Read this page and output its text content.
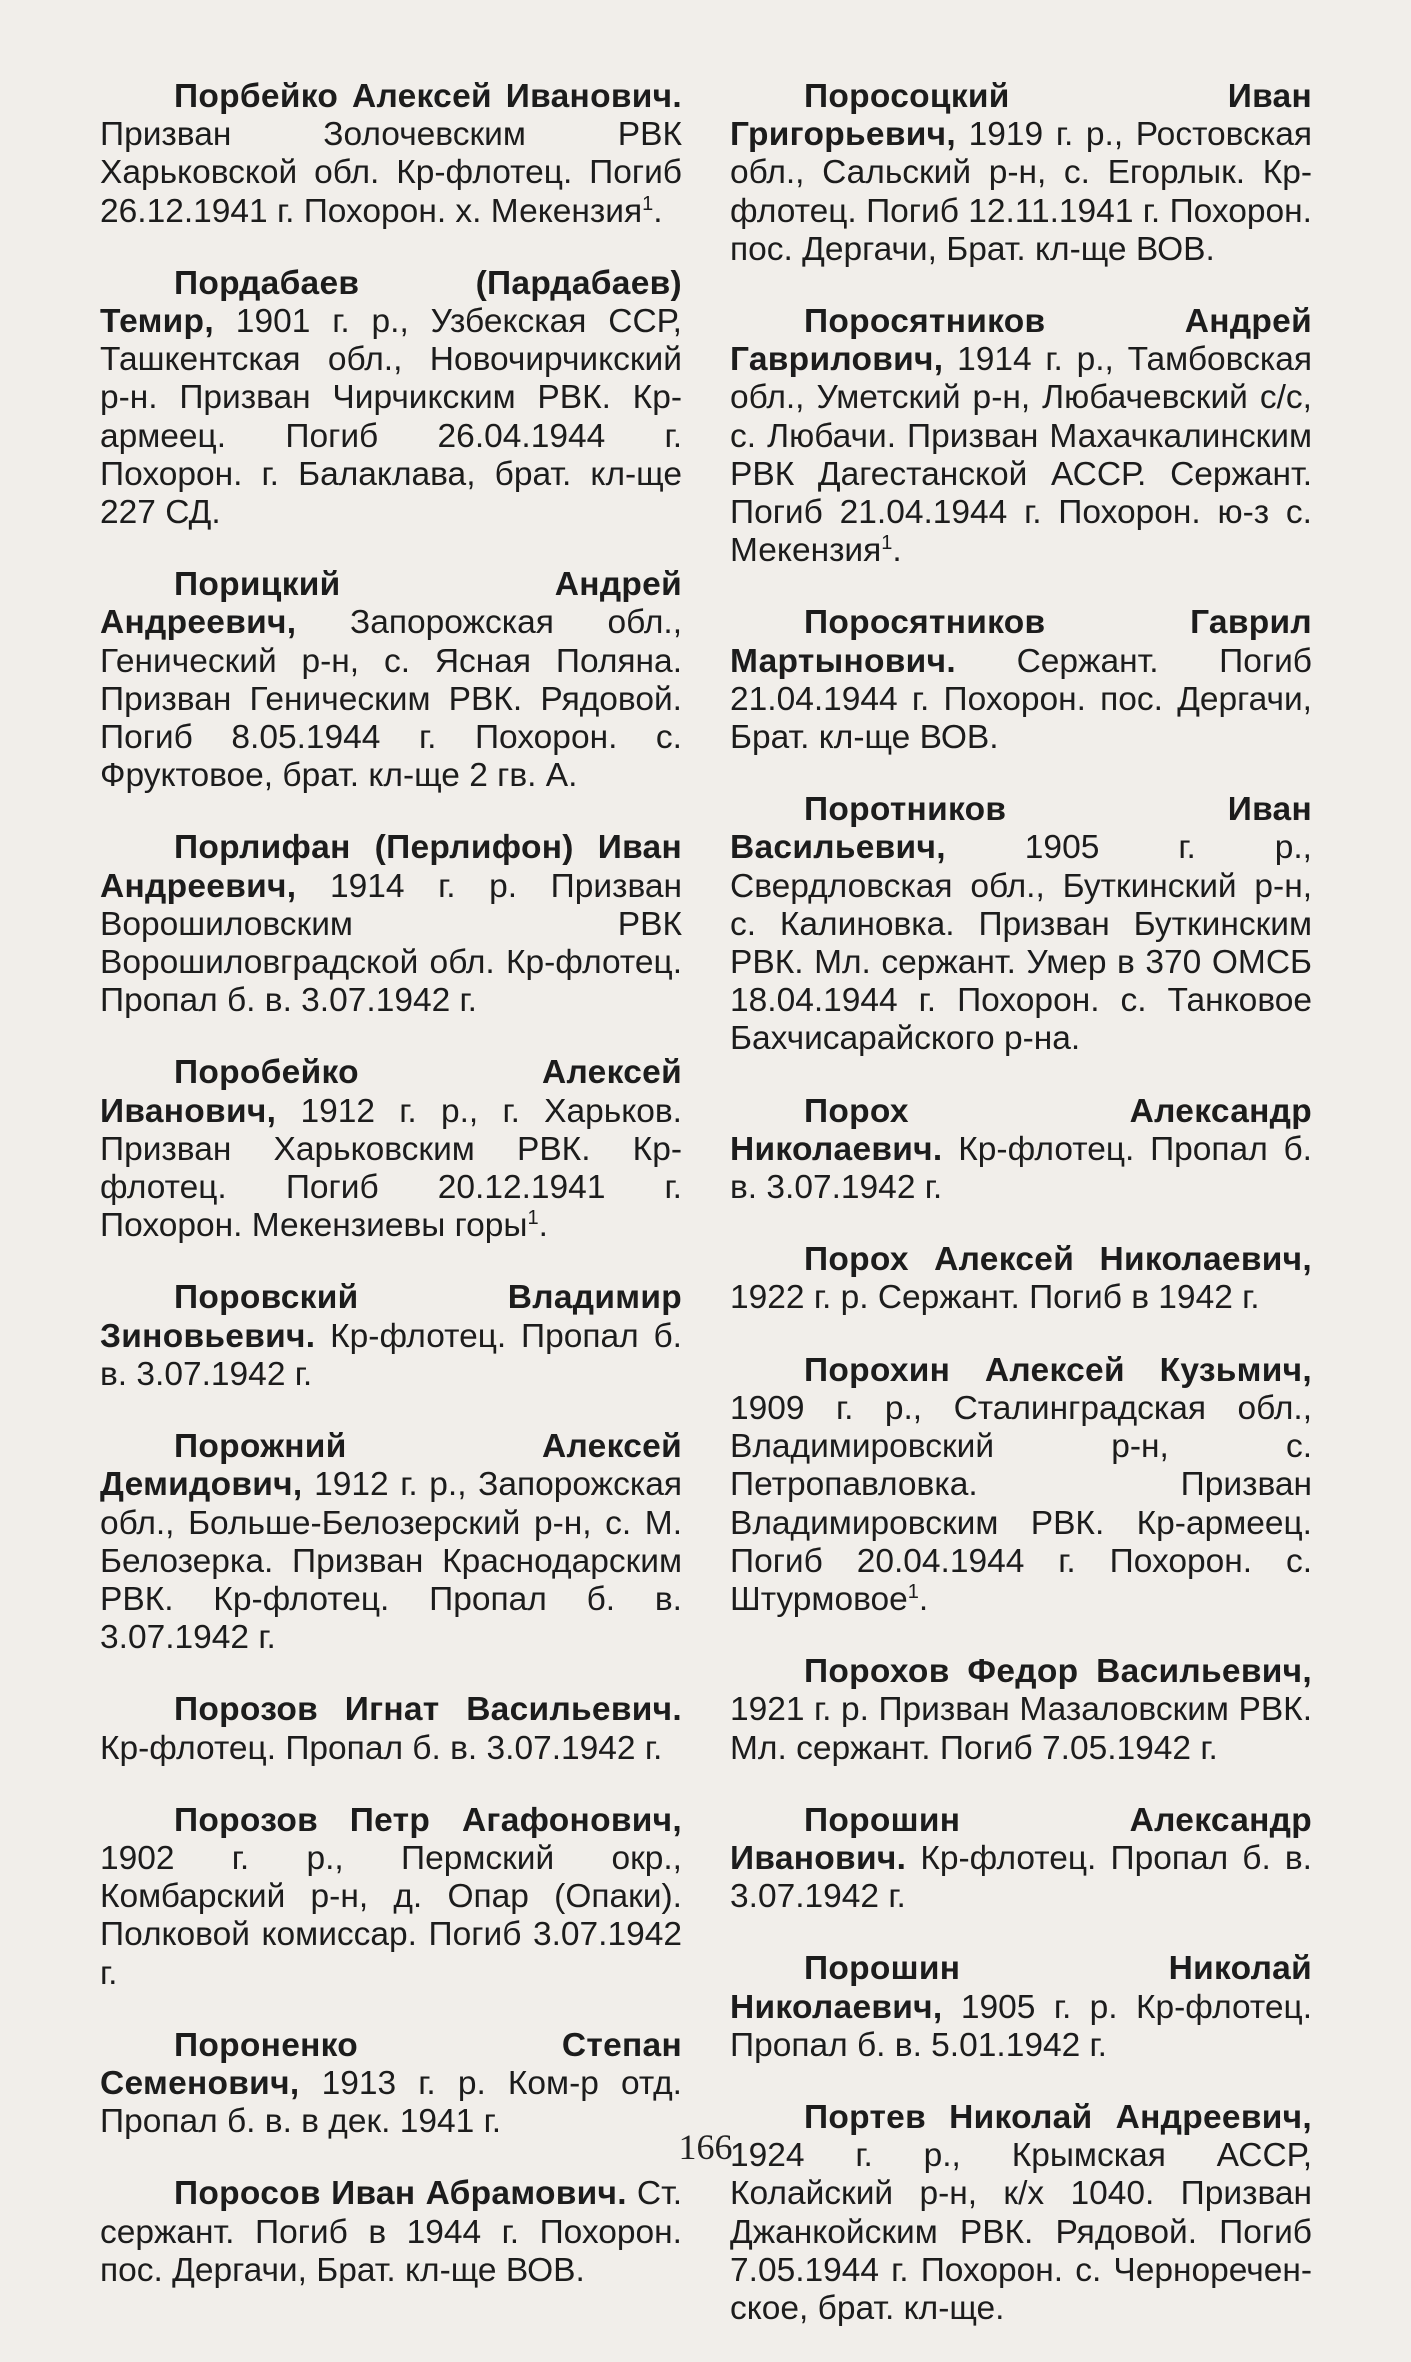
Порбейко Алексей Иванович. Призван Золочевским РВК Харьковской обл. Кр-флотец. Погиб 26.12.1941 г. Похорон. х. Мекензия$^1$.

Пордабаев (Пардабаев) Темир, 1901 г. р., Узбекская ССР, Ташкентская обл., Новочирчикский р-н. Призван Чирчикским РВК. Кр-армеец. Погиб 26.04.1944 г. Похорон. г. Балаклава, брат. кл-ще 227 СД.

Порицкий Андрей Андреевич, Запорожская обл., Генический р-н, с. Ясная Поляна. Призван Геническим РВК. Рядовой. Погиб 8.05.1944 г. Похорон. с. Фруктовое, брат. кл-ще 2 гв. А.

Порлифан (Перлифон) Иван Андреевич, 1914 г. р. Призван Ворошиловским РВК Ворошиловградской обл. Кр-флотец. Пропал б. в. 3.07.1942 г.

Поробейко Алексей Иванович, 1912 г. р., г. Харьков. Призван Харьковским РВК. Кр-флотец. Погиб 20.12.1941 г. Похорон. Мекензиевы горы$^1$.

Поровский Владимир Зиновьевич. Кр-флотец. Пропал б. в. 3.07.1942 г.

Порожний Алексей Демидович, 1912 г. р., Запорожская обл., Больше-Белозерский р-н, с. М. Белозерка. Призван Краснодарским РВК. Кр-флотец. Пропал б. в. 3.07.1942 г.

Порозов Игнат Васильевич. Кр-флотец. Пропал б. в. 3.07.1942 г.

Порозов Петр Агафонович, 1902 г. р., Пермский окр., Комбарский р-н, д. Опар (Опаки). Полковой комиссар. Погиб 3.07.1942 г.

Пороненко Степан Семенович, 1913 г. р. Ком-р отд. Пропал б. в. в дек. 1941 г.

Поросов Иван Абрамович. Ст. сержант. Погиб в 1944 г. Похорон. пос. Дергачи, Брат. кл-ще ВОВ.

Поросоцкий Иван Григорьевич, 1919 г. р., Ростовская обл., Сальский р-н, с. Егорлык. Кр-флотец. Погиб 12.11.1941 г. Похорон. пос. Дергачи, Брат. кл-ще ВОВ.

Поросятников Андрей Гаврилович, 1914 г. р., Тамбовская обл., Уметский р-н, Любачевский с/с, с. Любачи. Призван Махачкалинским РВК Дагестанской АССР. Сержант. Погиб 21.04.1944 г. Похорон. ю-з с. Мекензия$^1$.

Поросятников Гаврил Мартынович. Сержант. Погиб 21.04.1944 г. Похорон. пос. Дергачи, Брат. кл-ще ВОВ.

Поротников Иван Васильевич, 1905 г. р., Свердловская обл., Буткинский р-н, с. Калиновка. Призван Буткинским РВК. Мл. сержант. Умер в 370 ОМСБ 18.04.1944 г. Похорон. с. Танковое Бахчисарайского р-на.

Порох Александр Николаевич. Кр-флотец. Пропал б. в. 3.07.1942 г.

Порох Алексей Николаевич, 1922 г. р. Сержант. Погиб в 1942 г.

Порохин Алексей Кузьмич, 1909 г. р., Сталинградская обл., Владимировский р-н, с. Петропавловка. Призван Владимировским РВК. Кр-армеец. Погиб 20.04.1944 г. Похорон. с. Штурмовое$^1$.

Порохов Федор Васильевич, 1921 г. р. Призван Мазаловским РВК. Мл. сержант. Погиб 7.05.1942 г.

Порошин Александр Иванович. Кр-флотец. Пропал б. в. 3.07.1942 г.

Порошин Николай Николаевич, 1905 г. р. Кр-флотец. Пропал б. в. 5.01.1942 г.

Портев Николай Андреевич, 1924 г. р., Крымская АССР, Колайский р-н, к/х 1040. Призван Джанкойским РВК. Рядовой. Погиб 7.05.1944 г. Похорон. с. Чернореченское, брат. кл-ще.

166
